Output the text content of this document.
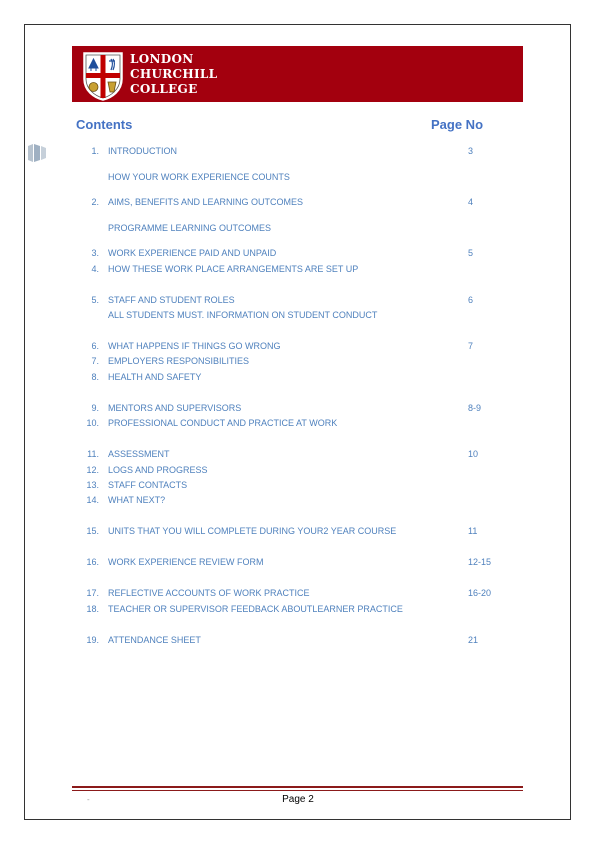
LONDON
CHURCHILL
COLLEGE
Contents	Page No
1. INTRODUCTION	3
HOW YOUR WORK EXPERIENCE COUNTS
2. AIMS, BENEFITS AND LEARNING OUTCOMES	4
PROGRAMME LEARNING OUTCOMES
3. WORK EXPERIENCE PAID AND UNPAID	5
4. HOW THESE WORK PLACE ARRANGEMENTS ARE SET UP
5. STAFF AND STUDENT ROLES	6
ALL STUDENTS MUST. INFORMATION ON STUDENT CONDUCT
6. WHAT HAPPENS IF THINGS GO WRONG	7
7. EMPLOYERS RESPONSIBILITIES
8. HEALTH AND SAFETY
9. MENTORS AND SUPERVISORS	8-9
10. PROFESSIONAL CONDUCT AND PRACTICE AT WORK
11. ASSESSMENT	10
12. LOGS AND PROGRESS
13. STAFF CONTACTS
14. WHAT NEXT?
15. UNITS THAT YOU WILL COMPLETE DURING YOUR2 YEAR COURSE	11
16. WORK EXPERIENCE REVIEW FORM	12-15
17. REFLECTIVE ACCOUNTS OF WORK PRACTICE	16-20
18. TEACHER OR SUPERVISOR FEEDBACK ABOUTLEARNER PRACTICE
19. ATTENDANCE SHEET	21
-	Page 2
